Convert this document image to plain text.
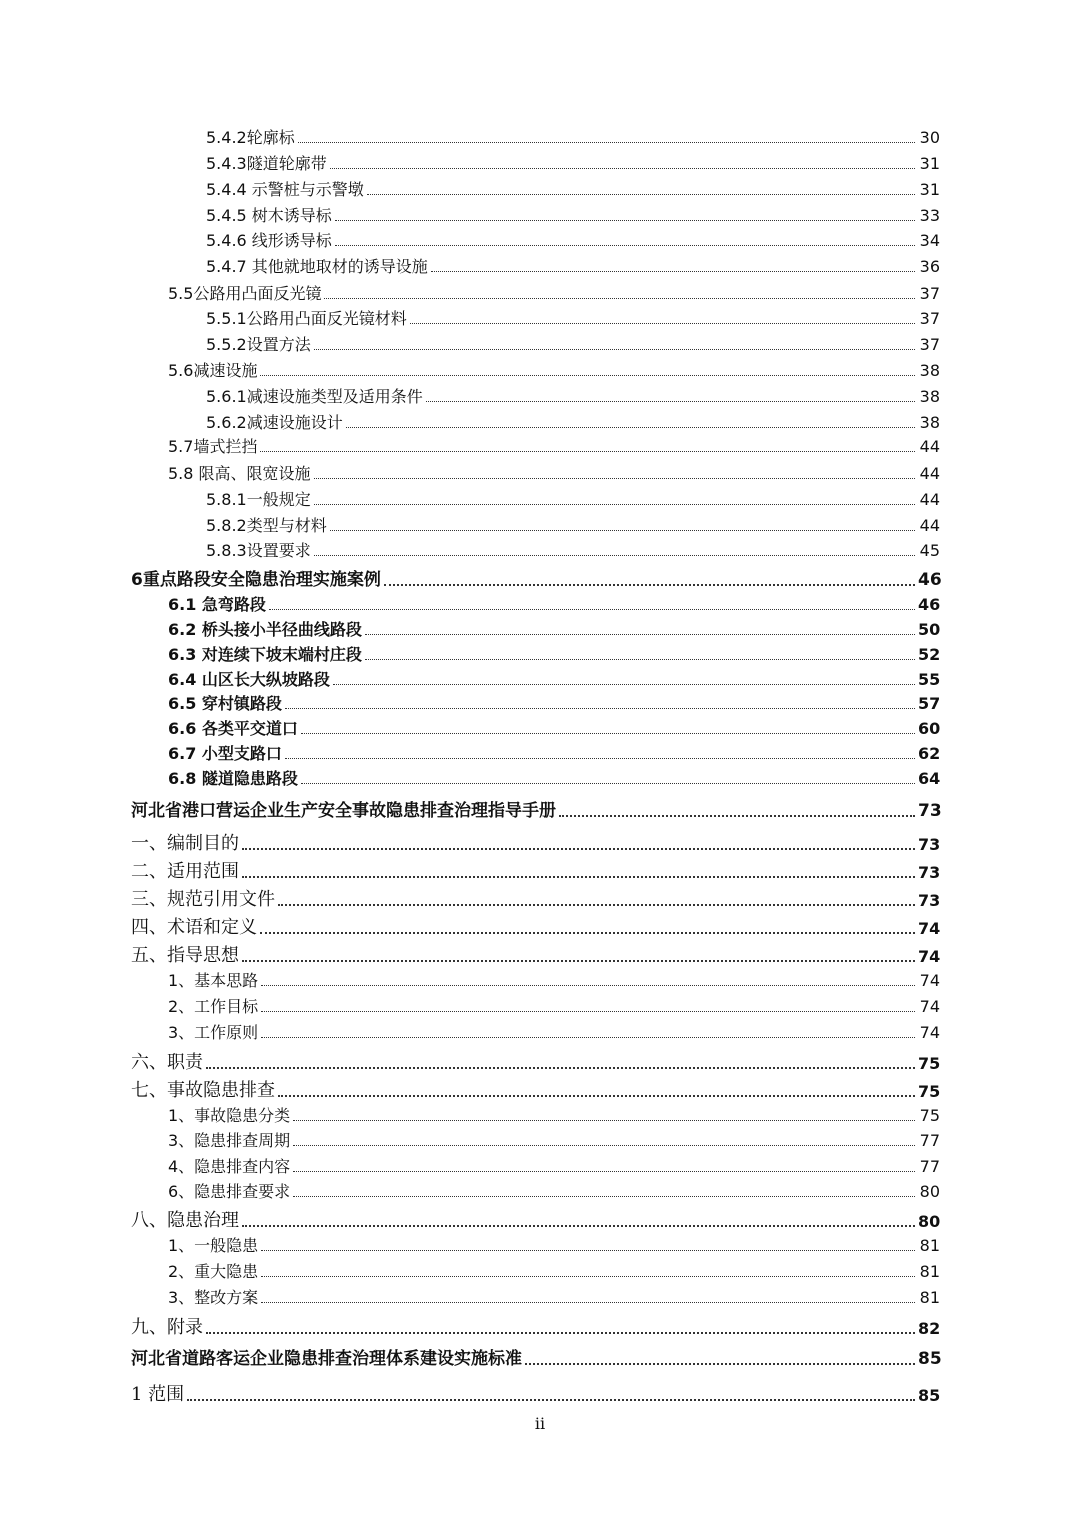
5.4.2轮廓标	30
5.4.3隧道轮廓带	31
5.4.4 示警桩与示警墩	31
5.4.5 树木诱导标	33
5.4.6 线形诱导标	34
5.4.7 其他就地取材的诱导设施	36
5.5公路用凸面反光镜	37
5.5.1公路用凸面反光镜材料	37
5.5.2设置方法	37
5.6减速设施	38
5.6.1减速设施类型及适用条件	38
5.6.2减速设施设计	38
5.7墙式拦挡	44
5.8 限高、限宽设施	44
5.8.1一般规定	44
5.8.2类型与材料	44
5.8.3设置要求	45
6重点路段安全隐患治理实施案例	46
6.1 急弯路段	46
6.2 桥头接小半径曲线路段	50
6.3 对连续下坡末端村庄段	52
6.4 山区长大纵坡路段	55
6.5 穿村镇路段	57
6.6 各类平交道口	60
6.7 小型支路口	62
6.8 隧道隐患路段	64
河北省港口营运企业生产安全事故隐患排查治理指导手册	73
一、编制目的	73
二、适用范围	73
三、规范引用文件	73
四、术语和定义	74
五、指导思想	74
1、基本思路	74
2、工作目标	74
3、工作原则	74
六、职责	75
七、事故隐患排查	75
1、事故隐患分类	75
3、隐患排查周期	77
4、隐患排查内容	77
6、隐患排查要求	80
八、隐患治理	80
1、一般隐患	81
2、重大隐患	81
3、整改方案	81
九、附录	82
河北省道路客运企业隐患排查治理体系建设实施标准	85
1 范围	85
ii
